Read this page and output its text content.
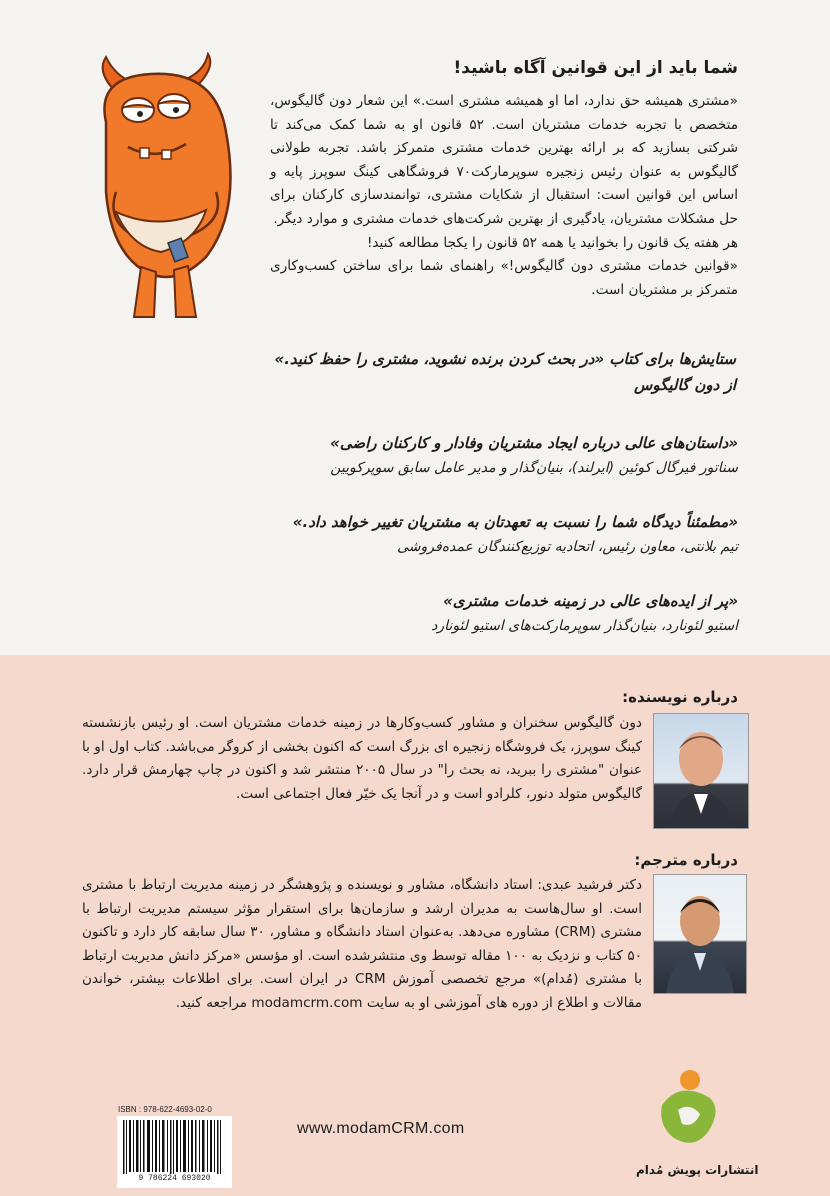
شما باید از این قوانین آگاه باشید!

«مشتری همیشه حق ندارد، اما او همیشه مشتری است.» این شعار دون گالیگوس، متخصص با تجربه خدمات مشتریان است. ۵۲ قانون او به شما کمک می‌کند تا شرکتی بسازید که بر ارائه بهترین خدمات مشتری متمرکز باشد. تجربه طولانی گالیگوس به عنوان رئیس زنجیره سوپرمارکت۷۰ فروشگاهی کینگ سوپرز پایه و اساس این قوانین است: استقبال از شکایات مشتری، توانمندسازی کارکنان برای حل مشکلات مشتریان، یادگیری از بهترین شرکت‌های خدمات مشتری و موارد دیگر.

هر هفته یک قانون را بخوانید یا همه ۵۲ قانون را یکجا مطالعه کنید!

«قوانین خدمات مشتری دون گالیگوس!» راهنمای شما برای ساختن کسب‌وکاری متمرکز بر مشتریان است.

ستایش‌ها برای کتاب «در بحث کردن برنده نشوید، مشتری را حفظ کنید.»
از دون گالیگوس
«داستان‌های عالی درباره ایجاد مشتریان وفادار و کارکنان راضی»
سناتور فیرگال کوئین (ایرلند)، بنیان‌گذار و مدیر عامل سابق سوپرکویین
«مطمئناً دیدگاه شما را نسبت به تعهدتان به مشتریان تغییر خواهد داد.»
تیم بلانتی، معاون رئیس، اتحادیه توزیع‌کنندگان عمده‌فروشی
«پر از ایده‌های عالی در زمینه خدمات مشتری»
استیو لئونارد، بنیان‌گذار سوپرمارکت‌های استیو لئونارد
درباره نویسنده:
دون گالیگوس سخنران و مشاور کسب‌وکارها در زمینه خدمات مشتریان است. او رئیس بازنشسته کینگ سوپرز، یک فروشگاه زنجیره ای بزرگ است که اکنون بخشی از کروگر می‌باشد. کتاب اول او با عنوان "مشتری را ببرید، نه بحث را" در سال ۲۰۰۵ منتشر شد و اکنون در چاپ چهارمش قرار دارد. گالیگوس متولد دنور، کلرادو است و در آنجا یک خیّر فعال اجتماعی است.
درباره مترجم:
دکتر فرشید عبدی: استاد دانشگاه، مشاور و نویسنده و پژوهشگر در زمینه مدیریت ارتباط با مشتری است. او سال‌هاست به مدیران ارشد و سازمان‌ها برای استقرار مؤثر سیستم مدیریت ارتباط با مشتری (CRM) مشاوره می‌دهد. به‌عنوان استاد دانشگاه و مشاور، ۳۰ سال سابقه کار دارد و تاکنون ۵۰ کتاب و نزدیک به ۱۰۰ مقاله توسط وی منتشرشده است. او مؤسس «مرکز دانش مدیریت ارتباط با مشتری (مُدام)» مرجع تخصصی آموزش CRM در ایران است. برای اطلاعات بیشتر، خواندن مقالات و اطلاع از دوره های آموزشی او به سایت modamcrm.com مراجعه کنید.
ISBN : 978-622-4693-02-0
9 786224 693020
www.modamCRM.com
انتشارات پویش مُدام
